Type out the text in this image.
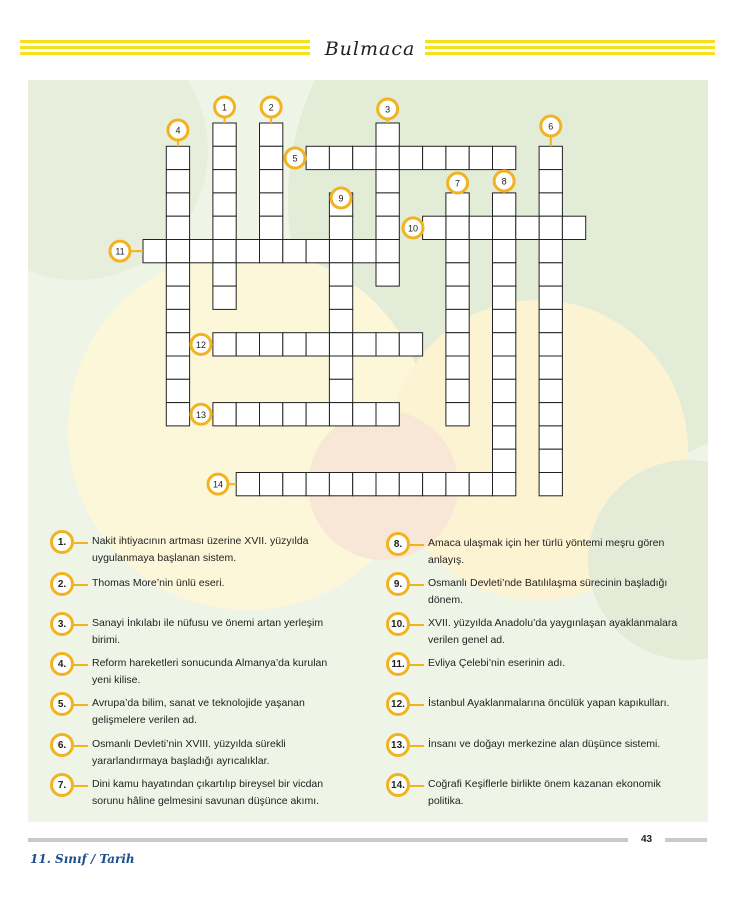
Bulmaca
1	2	3
4
5
6
7	8
9
10
11
12
13
14
1.	Nakit ihtiyacının artması üzerine XVII. yüzyılda uygulanmaya başlanan sistem.
2.	Thomas More’nin ünlü eseri.
3.	Sanayi İnkılabı ile nüfusu ve önemi artan yerleşim birimi.
4.	Reform hareketleri sonucunda Almanya’da kurulan yeni kilise.
5.	Avrupa’da bilim, sanat ve teknolojide yaşanan gelişmelere verilen ad.
6.	Osmanlı Devleti’nin XVIII. yüzyılda sürekli yararlandırmaya başladığı ayrıcalıklar.
7.	Dini kamu hayatından çıkartılıp bireysel bir vicdan sorunu hâline gelmesini savunan düşünce akımı.
8.	Amaca ulaşmak için her türlü yöntemi meşru gören anlayış.
9.	Osmanlı Devleti’nde Batılılaşma sürecinin başladığı dönem.
10.	XVII. yüzyılda Anadolu’da yaygınlaşan ayaklanmalara verilen genel ad.
11.	Evliya Çelebi’nin eserinin adı.
12.	İstanbul Ayaklanmalarına öncülük yapan kapıkulları.
13.	İnsanı ve doğayı merkezine alan düşünce sistemi.
14.	Coğrafi Keşiflerle birlikte önem kazanan ekonomik politika.
43
11. Sınıf / Tarih
